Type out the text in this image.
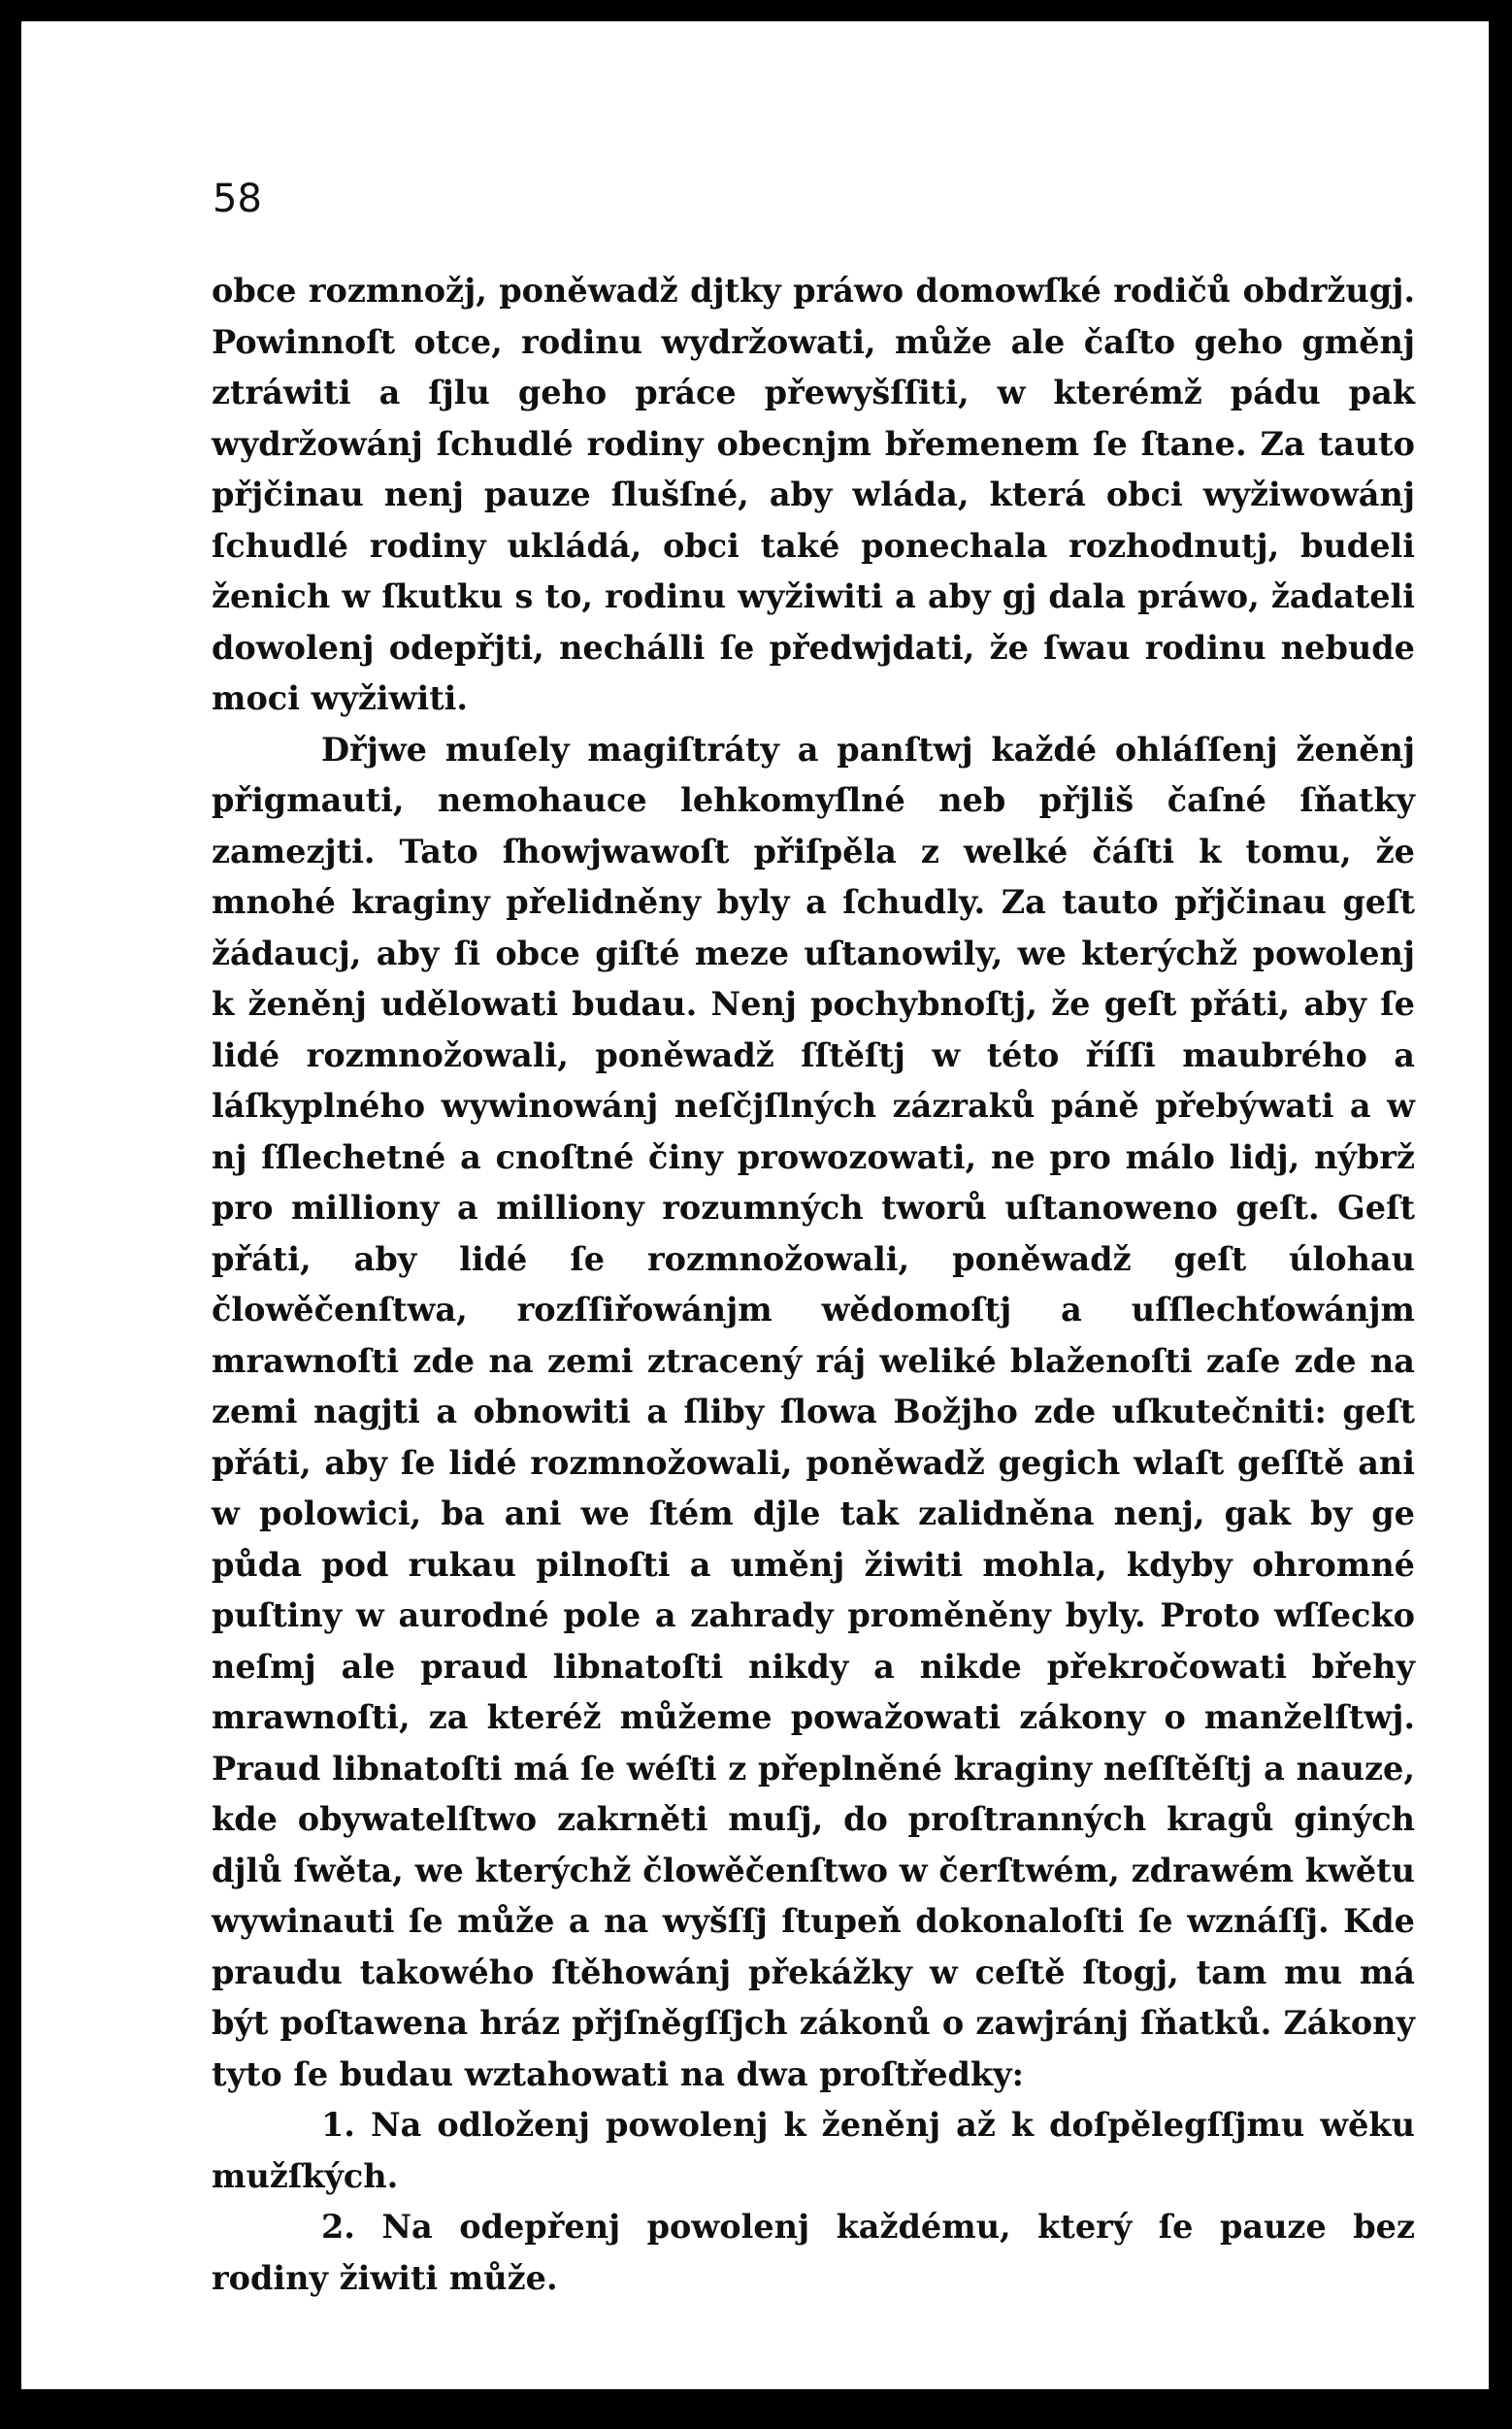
58

obce rozmnožj, poněwadž djtky práwo domowſké rodičů obdržugj. Powinnoſt otce, rodinu wydržowati, může ale čaſto geho gměnj ztráwiti a ſjlu geho práce přewyšſſiti, w kterémž pádu pak wydržowánj ſchudlé rodiny obecnjm břemenem ſe ſtane. Za tauto přjčinau nenj pauze ſlušſné, aby wláda, která obci wyžiwowánj ſchudlé rodiny ukládá, obci také ponechala rozhodnutj, budeli ženich w ſkutku s to, rodinu wyžiwiti a aby gj dala práwo, žadateli dowolenj odepřjti, nechálli ſe předwjdati, že ſwau rodinu nebude moci wyžiwiti.

Dřjwe muſely magiſtráty a panſtwj každé ohláſſenj ženěnj přigmauti, nemohauce lehkomyſlné neb přjliš čaſné ſňatky zamezjti. Tato ſhowjwawoſt přiſpěla z welké čáſti k tomu, že mnohé kraginy přelidněny byly a ſchudly. Za tauto přjčinau geſt žádaucj, aby ſi obce giſté meze uſtanowily, we kterýchž powolenj k ženěnj udělowati budau. Nenj pochybnoſtj, že geſt přáti, aby ſe lidé rozmnožowali, poněwadž ſſtěſtj w této říſſi maubrého a láſkyplného wywinowánj neſčjſlných zázraků páně přebýwati a w nj ſſlechetné a cnoſtné činy prowozowati, ne pro málo lidj, nýbrž pro milliony a milliony rozumných tworů uſtanoweno geſt. Geſt přáti, aby lidé ſe rozmnožowali, poněwadž geſt úlohau člowěčenſtwa, rozſſiřowánjm wědomoſtj a uſſlechťowánjm mrawnoſti zde na zemi ztracený ráj weliké blaženoſti zaſe zde na zemi nagjti a obnowiti a ſliby ſlowa Božjho zde uſkutečniti: geſt přáti, aby ſe lidé rozmnožowali, poněwadž gegich wlaſt geſſtě ani w polowici, ba ani we ſtém djle tak zalidněna nenj, gak by ge půda pod rukau pilnoſti a uměnj žiwiti mohla, kdyby ohromné puſtiny w aurodné pole a zahrady proměněny byly. Proto wſſecko neſmj ale praud libnatoſti nikdy a nikde překročowati břehy mrawnoſti, za kteréž můžeme powažowati zákony o manželſtwj. Praud libnatoſti má ſe wéſti z přeplněné kraginy neſſtěſtj a nauze, kde obywatelſtwo zakrněti muſj, do proſtranných kragů giných djlů ſwěta, we kterýchž člowěčenſtwo w čerſtwém, zdrawém kwětu wywinauti ſe může a na wyšſſj ſtupeň dokonaloſti ſe wznáſſj. Kde praudu takowého ſtěhowánj překážky w ceſtě ſtogj, tam mu má být poſtawena hráz přjſněgſſjch zákonů o zawjránj ſňatků. Zákony tyto ſe budau wztahowati na dwa proſtředky:

1. Na odloženj powolenj k ženěnj až k doſpělegſſjmu wěku mužſkých.

2. Na odepřenj powolenj každému, který ſe pauze bez rodiny žiwiti může.
